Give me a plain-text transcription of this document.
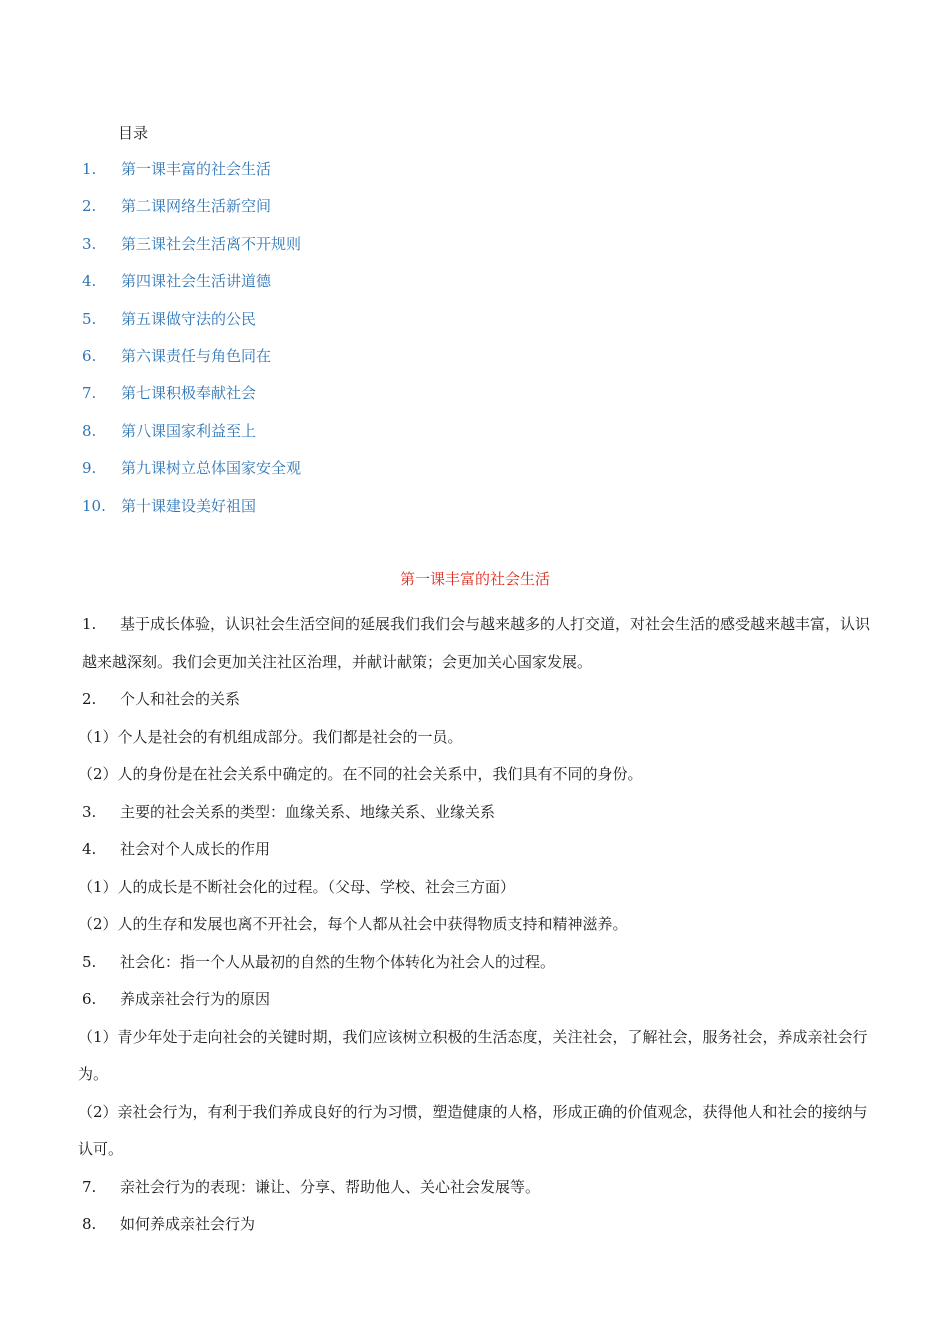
目录
1. 第一课丰富的社会生活
2. 第二课网络生活新空间
3. 第三课社会生活离不开规则
4. 第四课社会生活讲道德
5. 第五课做守法的公民
6. 第六课责任与角色同在
7. 第七课积极奉献社会
8. 第八课国家利益至上
9. 第九课树立总体国家安全观
10. 第十课建设美好祖国
第一课丰富的社会生活

1. 基于成长体验，认识社会生活空间的延展我们我们会与越来越多的人打交道，对社会生活的感受越来越丰富，认识越来越深刻。我们会更加关注社区治理，并献计献策；会更加关心国家发展。

2. 个人和社会的关系

（1）个人是社会的有机组成部分。我们都是社会的一员。

（2）人的身份是在社会关系中确定的。在不同的社会关系中，我们具有不同的身份。

3. 主要的社会关系的类型：血缘关系、地缘关系、业缘关系

4. 社会对个人成长的作用

（1）人的成长是不断社会化的过程。（父母、学校、社会三方面）

（2）人的生存和发展也离不开社会，每个人都从社会中获得物质支持和精神滋养。

5. 社会化：指一个人从最初的自然的生物个体转化为社会人的过程。

6. 养成亲社会行为的原因

（1）青少年处于走向社会的关键时期，我们应该树立积极的生活态度，关注社会，了解社会，服务社会，养成亲社会行为。

（2）亲社会行为，有利于我们养成良好的行为习惯，塑造健康的人格，形成正确的价值观念，获得他人和社会的接纳与认可。

7. 亲社会行为的表现：谦让、分享、帮助他人、关心社会发展等。

8. 如何养成亲社会行为
